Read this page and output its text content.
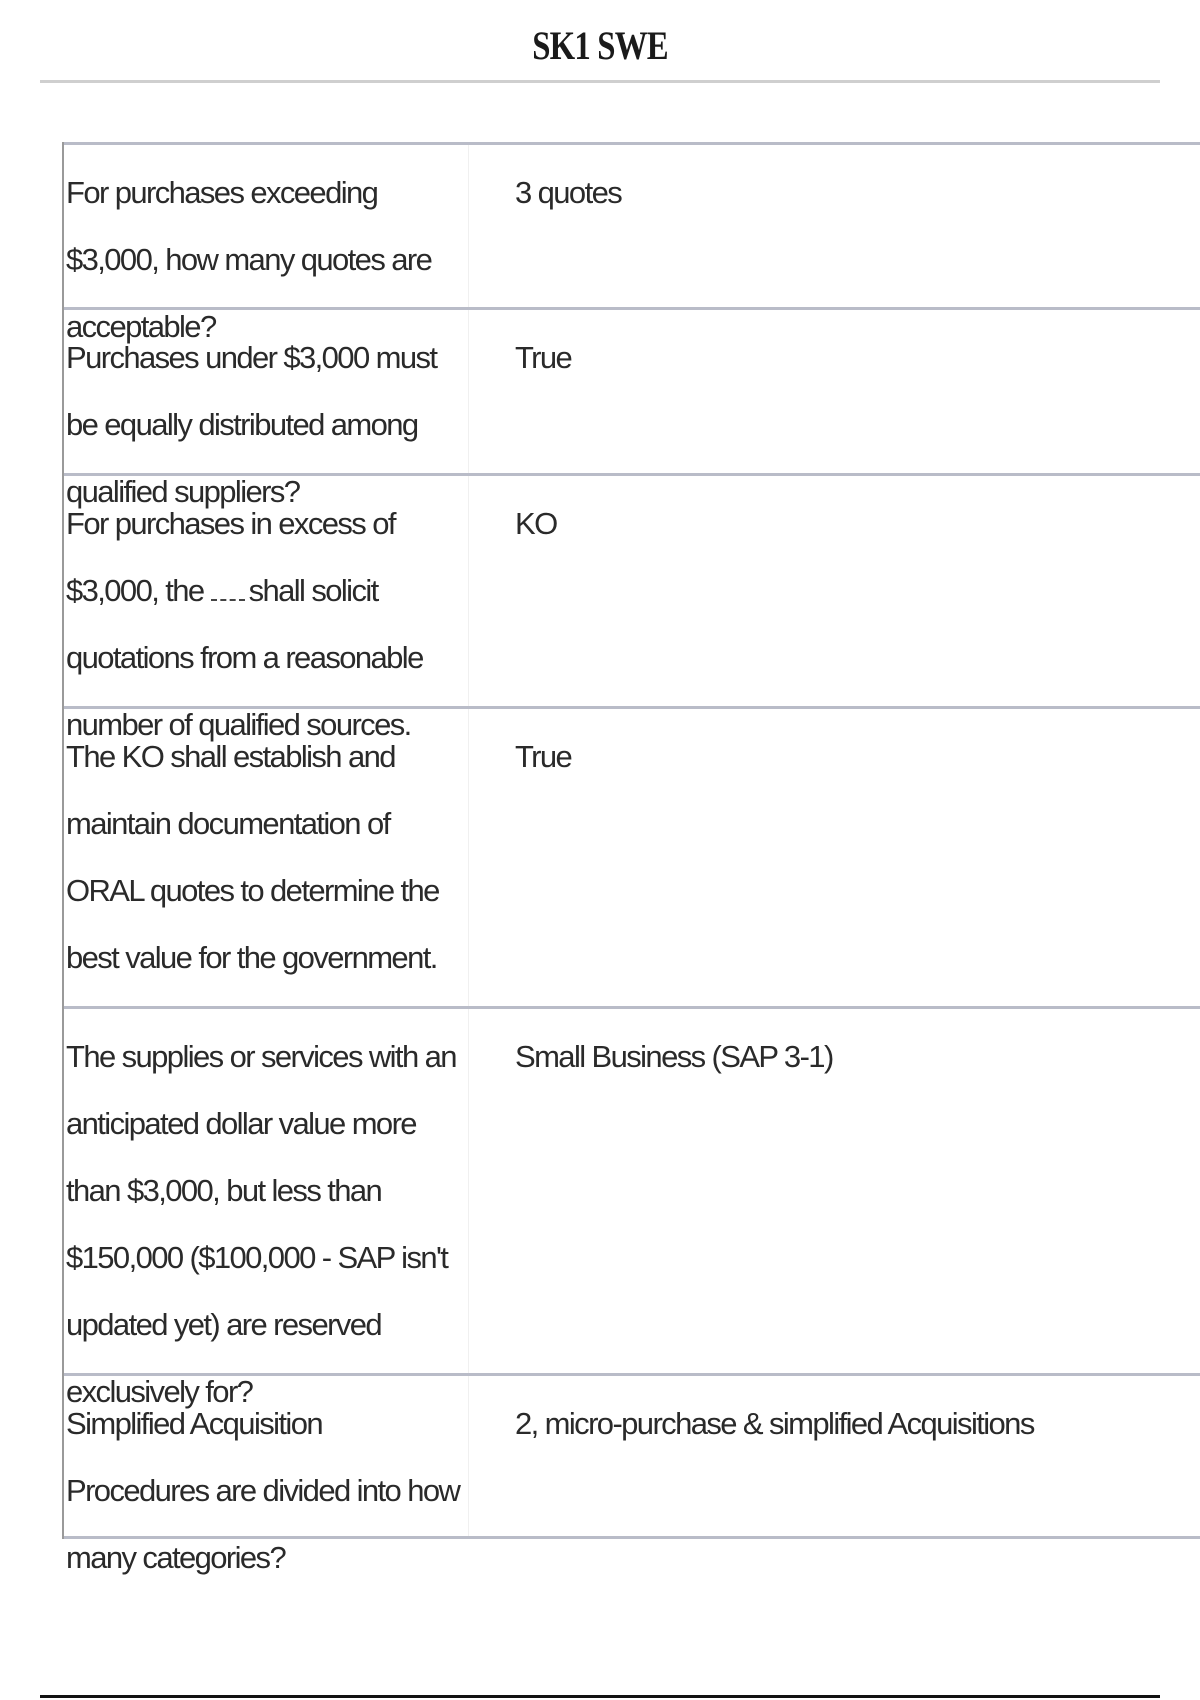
SK1 SWE
For purchases exceeding $3,000, how many quotes are acceptable?
3 quotes
Purchases under $3,000 must be equally distributed among qualified suppliers?
True
For purchases in excess of $3,000, the shall solicit quotations from a reasonable number of qualified sources.
KO
The KO shall establish and maintain documentation of ORAL quotes to determine the best value for the government.
True
The supplies or services with an anticipated dollar value more than $3,000, but less than $150,000 ($100,000 - SAP isn't updated yet) are reserved exclusively for?
Small Business (SAP 3-1)
Simplified Acquisition Procedures are divided into how many categories?
2, micro-purchase & simplified Acquisitions
